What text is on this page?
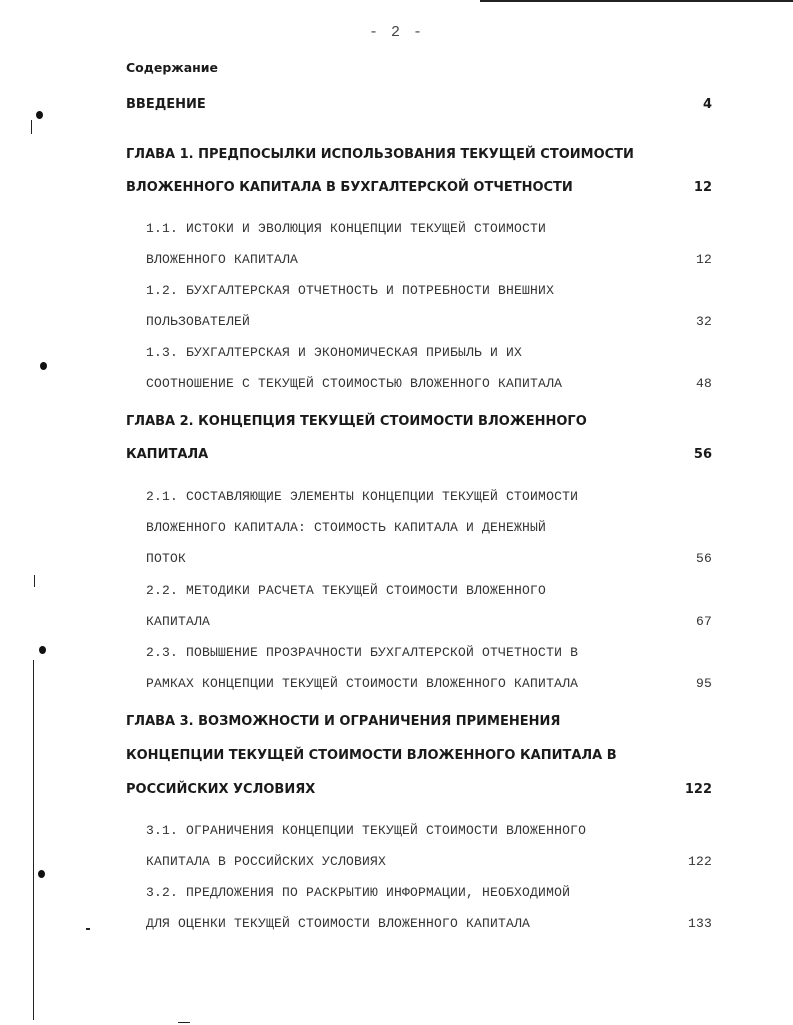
- 2 -
Содержание
ВВЕДЕНИЕ	4
ГЛАВА 1. ПРЕДПОСЫЛКИ ИСПОЛЬЗОВАНИЯ ТЕКУЩЕЙ СТОИМОСТИ
ВЛОЖЕННОГО КАПИТАЛА В БУХГАЛТЕРСКОЙ ОТЧЕТНОСТИ	12
1.1. ИСТОКИ И ЭВОЛЮЦИЯ КОНЦЕПЦИИ ТЕКУЩЕЙ СТОИМОСТИ
ВЛОЖЕННОГО КАПИТАЛА	12
1.2. БУХГАЛТЕРСКАЯ ОТЧЕТНОСТЬ И ПОТРЕБНОСТИ ВНЕШНИХ
ПОЛЬЗОВАТЕЛЕЙ	32
1.3. БУХГАЛТЕРСКАЯ И ЭКОНОМИЧЕСКАЯ ПРИБЫЛЬ И ИХ
СООТНОШЕНИЕ С ТЕКУЩЕЙ СТОИМОСТЬЮ ВЛОЖЕННОГО КАПИТАЛА	48
ГЛАВА 2. КОНЦЕПЦИЯ ТЕКУЩЕЙ СТОИМОСТИ ВЛОЖЕННОГО
КАПИТАЛА	56
2.1. СОСТАВЛЯЮЩИЕ ЭЛЕМЕНТЫ КОНЦЕПЦИИ ТЕКУЩЕЙ СТОИМОСТИ
ВЛОЖЕННОГО КАПИТАЛА: СТОИМОСТЬ КАПИТАЛА И ДЕНЕЖНЫЙ
ПОТОК	56
2.2. МЕТОДИКИ РАСЧЕТА ТЕКУЩЕЙ СТОИМОСТИ ВЛОЖЕННОГО
КАПИТАЛА	67
2.3. ПОВЫШЕНИЕ ПРОЗРАЧНОСТИ БУХГАЛТЕРСКОЙ ОТЧЕТНОСТИ В
РАМКАХ КОНЦЕПЦИИ ТЕКУЩЕЙ СТОИМОСТИ ВЛОЖЕННОГО КАПИТАЛА	95
ГЛАВА 3. ВОЗМОЖНОСТИ И ОГРАНИЧЕНИЯ ПРИМЕНЕНИЯ
КОНЦЕПЦИИ ТЕКУЩЕЙ СТОИМОСТИ ВЛОЖЕННОГО КАПИТАЛА В
РОССИЙСКИХ УСЛОВИЯХ	122
3.1. ОГРАНИЧЕНИЯ КОНЦЕПЦИИ ТЕКУЩЕЙ СТОИМОСТИ ВЛОЖЕННОГО
КАПИТАЛА В РОССИЙСКИХ УСЛОВИЯХ	122
3.2. ПРЕДЛОЖЕНИЯ ПО РАСКРЫТИЮ ИНФОРМАЦИИ, НЕОБХОДИМОЙ
ДЛЯ ОЦЕНКИ ТЕКУЩЕЙ СТОИМОСТИ ВЛОЖЕННОГО КАПИТАЛА	133
